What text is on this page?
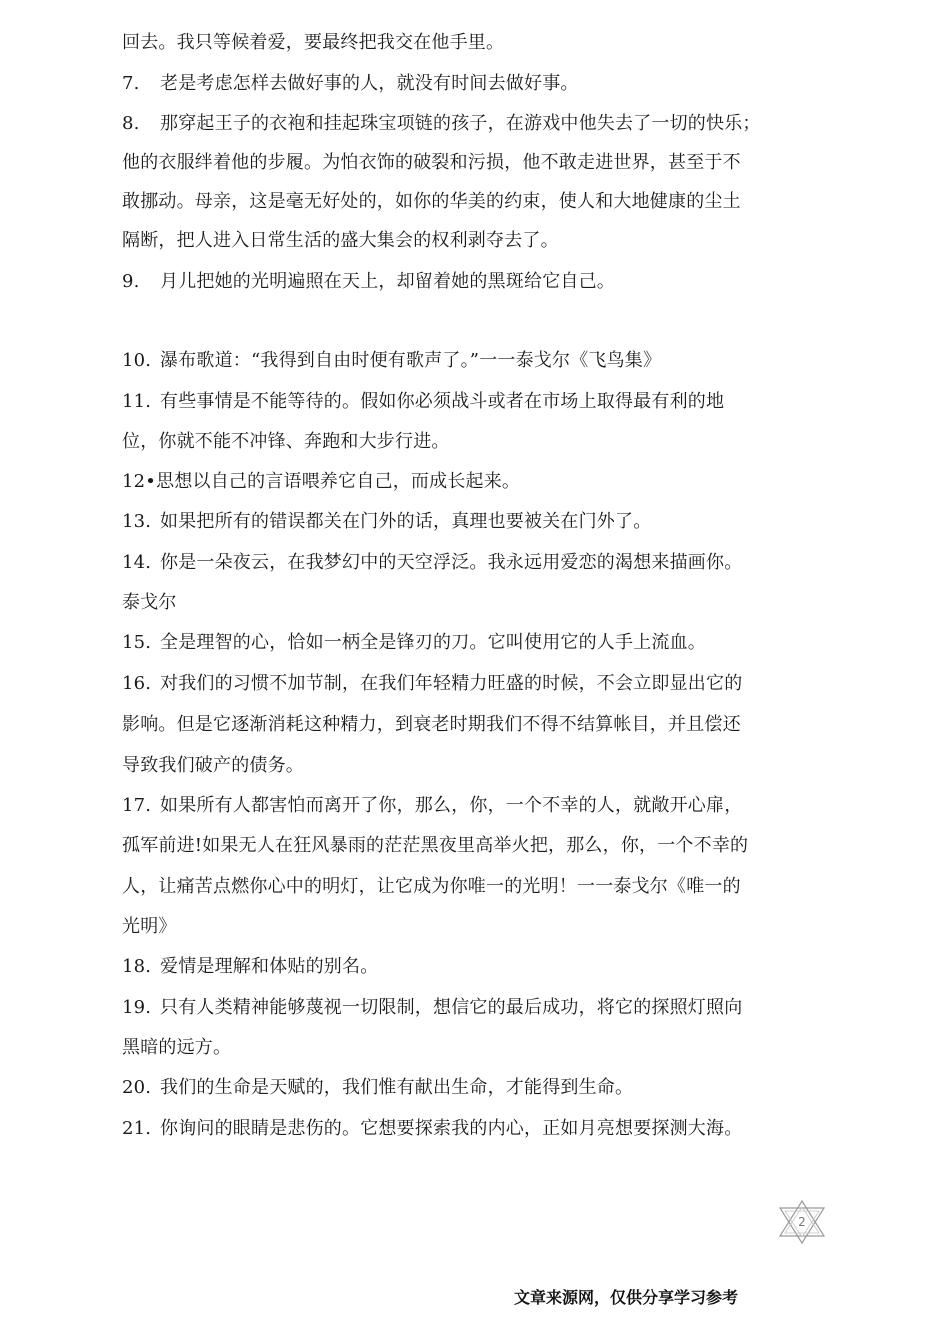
回去。我只等候着爱，要最终把我交在他手里。
7. 老是考虑怎样去做好事的人，就没有时间去做好事。
8. 那穿起王子的衣袍和挂起珠宝项链的孩子，在游戏中他失去了一切的快乐；
他的衣服绊着他的步履。为怕衣饰的破裂和污损，他不敢走进世界，甚至于不
敢挪动。母亲，这是毫无好处的，如你的华美的约束，使人和大地健康的尘土
隔断，把人进入日常生活的盛大集会的权利剥夺去了。
9. 月儿把她的光明遍照在天上，却留着她的黑斑给它自己。
10. 瀑布歌道：“我得到自由时便有歌声了。”一一泰戈尔《飞鸟集》
11. 有些事情是不能等待的。假如你必须战斗或者在市场上取得最有利的地
位，你就不能不冲锋、奔跑和大步行进。
12•思想以自己的言语喂养它自己，而成长起来。
13. 如果把所有的错误都关在门外的话，真理也要被关在门外了。
14. 你是一朵夜云，在我梦幻中的天空浮泛。我永远用爱恋的渴想来描画你。
泰戈尔
15. 全是理智的心，恰如一柄全是锋刃的刀。它叫使用它的人手上流血。
16. 对我们的习惯不加节制，在我们年轻精力旺盛的时候，不会立即显出它的
影响。但是它逐渐消耗这种精力，到衰老时期我们不得不结算帐目，并且偿还
导致我们破产的债务。
17. 如果所有人都害怕而离开了你，那么，你，一个不幸的人，就敞开心扉，
孤军前进!如果无人在狂风暴雨的茫茫黑夜里高举火把，那么，你，一个不幸的
人，让痛苦点燃你心中的明灯，让它成为你唯一的光明！一一泰戈尔《唯一的
光明》
18. 爱情是理解和体贴的别名。
19. 只有人类精神能够蔑视一切限制，想信它的最后成功，将它的探照灯照向
黑暗的远方。
20. 我们的生命是天赋的，我们惟有献出生命，才能得到生命。
21. 你询问的眼睛是悲伤的。它想要探索我的内心，正如月亮想要探测大海。
2
文章来源网，仅供分享学习参考
